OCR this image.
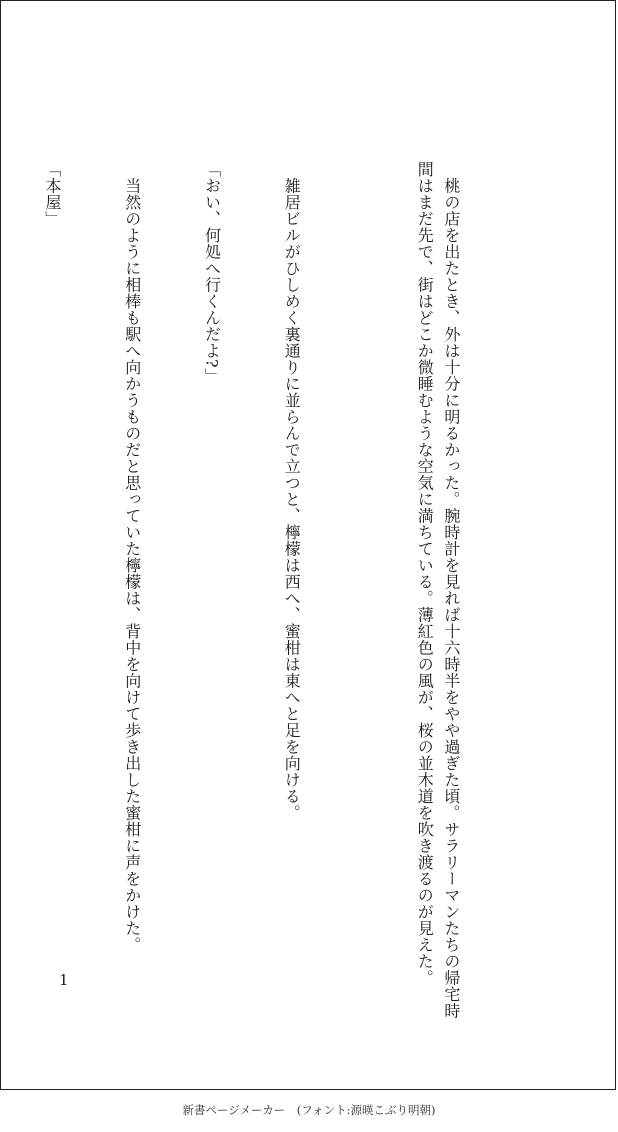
　桃の店を出たとき、外は十分に明るかった。腕時計を見れば十六時半をやや過ぎた頃。サラリーマンたちの帰宅時間はまだ先で、街はどこか微睡むような空気に満ちている。薄紅色の風が、桜の並木道を吹き渡るのが見えた。

　雑居ビルがひしめく裏通りに並らんで立つと、檸檬は西へ、蜜柑は東へと足を向ける。

「おい、何処へ行くんだよ?」

　当然のように相棒も駅へ向かうものだと思っていた檸檬は、背中を向けて歩き出した蜜柑に声をかけた。

「本屋」

1
新書ページメーカー　(フォント:源暎こぶり明朝)
